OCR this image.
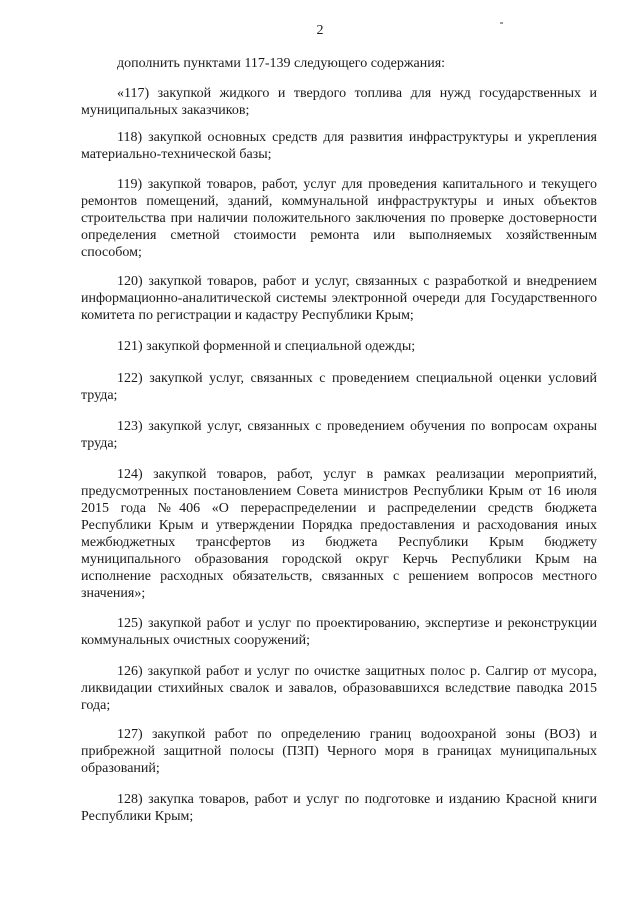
2
дополнить пунктами 117-139 следующего содержания:
«117) закупкой жидкого и твердого топлива для нужд государственных и муниципальных заказчиков;
118) закупкой основных средств для развития инфраструктуры и укрепления материально-технической базы;
119) закупкой товаров, работ, услуг для проведения капитального и текущего ремонтов помещений, зданий, коммунальной инфраструктуры и иных объектов строительства при наличии положительного заключения по проверке достоверности определения сметной стоимости ремонта или выполняемых хозяйственным способом;
120) закупкой товаров, работ и услуг, связанных с разработкой и внедрением информационно-аналитической системы электронной очереди для Государственного комитета по регистрации и кадастру Республики Крым;
121) закупкой форменной и специальной одежды;
122) закупкой услуг, связанных с проведением специальной оценки условий труда;
123) закупкой услуг, связанных с проведением обучения по вопросам охраны труда;
124) закупкой товаров, работ, услуг в рамках реализации мероприятий, предусмотренных постановлением Совета министров Республики Крым от 16 июля 2015 года №406 «О перераспределении и распределении средств бюджета Республики Крым и утверждении Порядка предоставления и расходования иных межбюджетных трансфертов из бюджета Республики Крым бюджету муниципального образования городской округ Керчь Республики Крым на исполнение расходных обязательств, связанных с решением вопросов местного значения»;
125) закупкой работ и услуг по проектированию, экспертизе и реконструкции коммунальных очистных сооружений;
126) закупкой работ и услуг по очистке защитных полос р. Салгир от мусора, ликвидации стихийных свалок и завалов, образовавшихся вследствие паводка 2015 года;
127) закупкой работ по определению границ водоохраной зоны (ВОЗ) и прибрежной защитной полосы (ПЗП) Черного моря в границах муниципальных образований;
128) закупка товаров, работ и услуг по подготовке и изданию Красной книги Республики Крым;
